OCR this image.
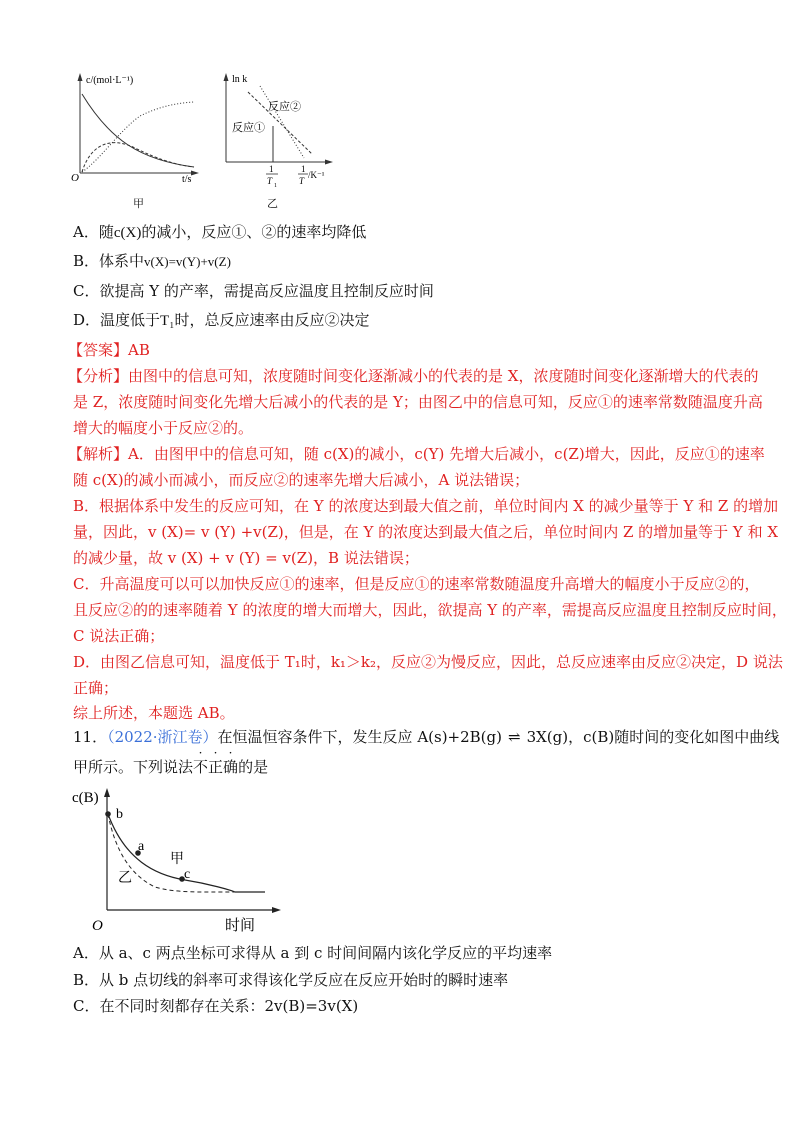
c/(mol·L⁻¹)
O	t/s
甲
ln k
反应②
反应①
1
T 1
1
T
/K⁻¹
乙
A．随c(X)的减小，反应①、②的速率均降低
B．体系中v(X)=v(Y)+v(Z)
C．欲提高 Y 的产率，需提高反应温度且控制反应时间
D．温度低于T₁时，总反应速率由反应②决定
【答案】AB
【分析】由图中的信息可知，浓度随时间变化逐渐减小的代表的是 X，浓度随时间变化逐渐增大的代表的
是 Z，浓度随时间变化先增大后减小的代表的是 Y；由图乙中的信息可知，反应①的速率常数随温度升高
增大的幅度小于反应②的。
【解析】A．由图甲中的信息可知，随 c(X)的减小，c(Y) 先增大后减小，c(Z)增大，因此，反应①的速率
随 c(X)的减小而减小，而反应②的速率先增大后减小，A 说法错误；
B．根据体系中发生的反应可知，在 Y 的浓度达到最大值之前，单位时间内 X 的减少量等于 Y 和 Z 的增加
量，因此，v (X)= v (Y) +v(Z)，但是，在 Y 的浓度达到最大值之后，单位时间内 Z 的增加量等于 Y 和 X
的减少量，故 v (X) + v (Y) = v(Z)，B 说法错误；
C．升高温度可以可以加快反应①的速率，但是反应①的速率常数随温度升高增大的幅度小于反应②的，
且反应②的的速率随着 Y 的浓度的增大而增大，因此，欲提高 Y 的产率，需提高反应温度且控制反应时间，
C 说法正确；
D．由图乙信息可知，温度低于 T₁时，k₁＞k₂，反应②为慢反应，因此，总反应速率由反应②决定，D 说法
正确；
综上所述，本题选 AB。
11．（2022·浙江卷）在恒温恒容条件下，发生反应 A(s)+2B(g) ⇌ 3X(g)，c(B)随时间的变化如图中曲线
甲所示。下列说法
·
不
·
正
·
确的是
c(B)
b
a
甲
乙	c
O	时间
A．从 a、c 两点坐标可求得从 a 到 c 时间间隔内该化学反应的平均速率
B．从 b 点切线的斜率可求得该化学反应在反应开始时的瞬时速率
C．在不同时刻都存在关系：2v(B)=3v(X)
